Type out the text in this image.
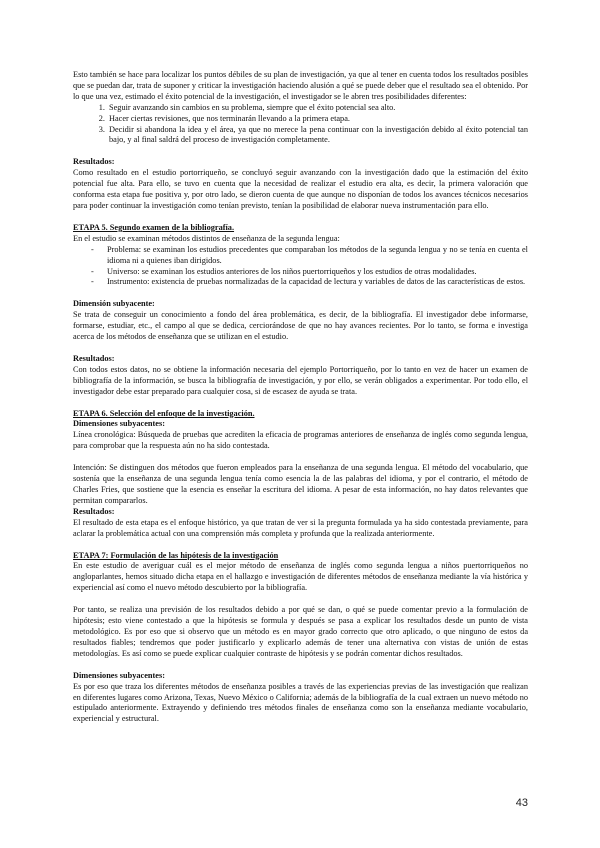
Esto también se hace para localizar los puntos débiles de su plan de investigación, ya que al tener en cuenta todos los resultados posibles que se puedan dar, trata de suponer y criticar la investigación haciendo alusión a qué se puede deber que el resultado sea el obtenido. Por lo que una vez, estimado el éxito potencial de la investigación, el investigador se le abren tres posibilidades diferentes:

1. Seguir avanzando sin cambios en su problema, siempre que el éxito potencial sea alto.
2. Hacer ciertas revisiones, que nos terminarán llevando a la primera etapa.
3. Decidir si abandona la idea y el área, ya que no merece la pena continuar con la investigación debido al éxito potencial tan bajo, y al final saldrá del proceso de investigación completamente.

Resultados:

Como resultado en el estudio portorriqueño, se concluyó seguir avanzando con la investigación dado que la estimación del éxito potencial fue alta. Para ello, se tuvo en cuenta que la necesidad de realizar el estudio era alta, es decir, la primera valoración que conforma esta etapa fue positiva y, por otro lado, se dieron cuenta de que aunque no disponían de todos los avances técnicos necesarios para poder continuar la investigación como tenían previsto, tenían la posibilidad de elaborar nueva instrumentación para ello.

ETAPA 5. Segundo examen de la bibliografía.

En el estudio se examinan métodos distintos de enseñanza de la segunda lengua:

- Problema: se examinan los estudios precedentes que comparaban los métodos de la segunda lengua y no se tenía en cuenta el idioma ni a quienes iban dirigidos.
- Universo: se examinan los estudios anteriores de los niños puertorriqueños y los estudios de otras modalidades.
- Instrumento: existencia de pruebas normalizadas de la capacidad de lectura y variables de datos de las características de estos.

Dimensión subyacente:

Se trata de conseguir un conocimiento a fondo del área problemática, es decir, de la bibliografía. El investigador debe informarse, formarse, estudiar, etc., el campo al que se dedica, cerciorándose de que no hay avances recientes. Por lo tanto, se forma e investiga acerca de los métodos de enseñanza que se utilizan en el estudio.

Resultados:

Con todos estos datos, no se obtiene la información necesaria del ejemplo Portorriqueño, por lo tanto en vez de hacer un examen de bibliografía de la información, se busca la bibliografía de investigación, y por ello, se verán obligados a experimentar. Por todo ello, el investigador debe estar preparado para cualquier cosa, si de escasez de ayuda se trata.

ETAPA 6. Selección del enfoque de la investigación.

Dimensiones subyacentes:

Línea cronológica: Búsqueda de pruebas que acrediten la eficacia de programas anteriores de enseñanza de inglés como segunda lengua, para comprobar que la respuesta aún no ha sido contestada.

Intención: Se distinguen dos métodos que fueron empleados para la enseñanza de una segunda lengua. El método del vocabulario, que sostenía que la enseñanza de una segunda lengua tenía como esencia la de las palabras del idioma, y por el contrario, el método de Charles Fries, que sostiene que la esencia es enseñar la escritura del idioma. A pesar de esta información, no hay datos relevantes que permitan compararlos.

Resultados:

El resultado de esta etapa es el enfoque histórico, ya que tratan de ver si la pregunta formulada ya ha sido contestada previamente, para aclarar la problemática actual con una comprensión más completa y profunda que la realizada anteriormente.

ETAPA 7: Formulación de las hipótesis de la investigación

En este estudio de averiguar cuál es el mejor método de enseñanza de inglés como segunda lengua a niños puertorriqueños no angloparlantes, hemos situado dicha etapa en el hallazgo e investigación de diferentes métodos de enseñanza mediante la vía histórica y experiencial así como el nuevo método descubierto por la bibliografía.

Por tanto, se realiza una previsión de los resultados debido a por qué se dan, o qué se puede comentar previo a la formulación de hipótesis; esto viene contestado a que la hipótesis se formula y después se pasa a explicar los resultados desde un punto de vista metodológico. Es por eso que si observo que un método es en mayor grado correcto que otro aplicado, o que ninguno de estos da resultados fiables; tendremos que poder justificarlo y explicarlo además de tener una alternativa con vistas de unión de estas metodologías. Es así como se puede explicar cualquier contraste de hipótesis y se podrán comentar dichos resultados.

Dimensiones subyacentes:

Es por eso que traza los diferentes métodos de enseñanza posibles a través de las experiencias previas de las investigación que realizan en diferentes lugares como Arizona, Texas, Nuevo México o California; además de la bibliografía de la cual extraen un nuevo método no estipulado anteriormente. Extrayendo y definiendo tres métodos finales de enseñanza como son la enseñanza mediante vocabulario, experiencial y estructural.

43
